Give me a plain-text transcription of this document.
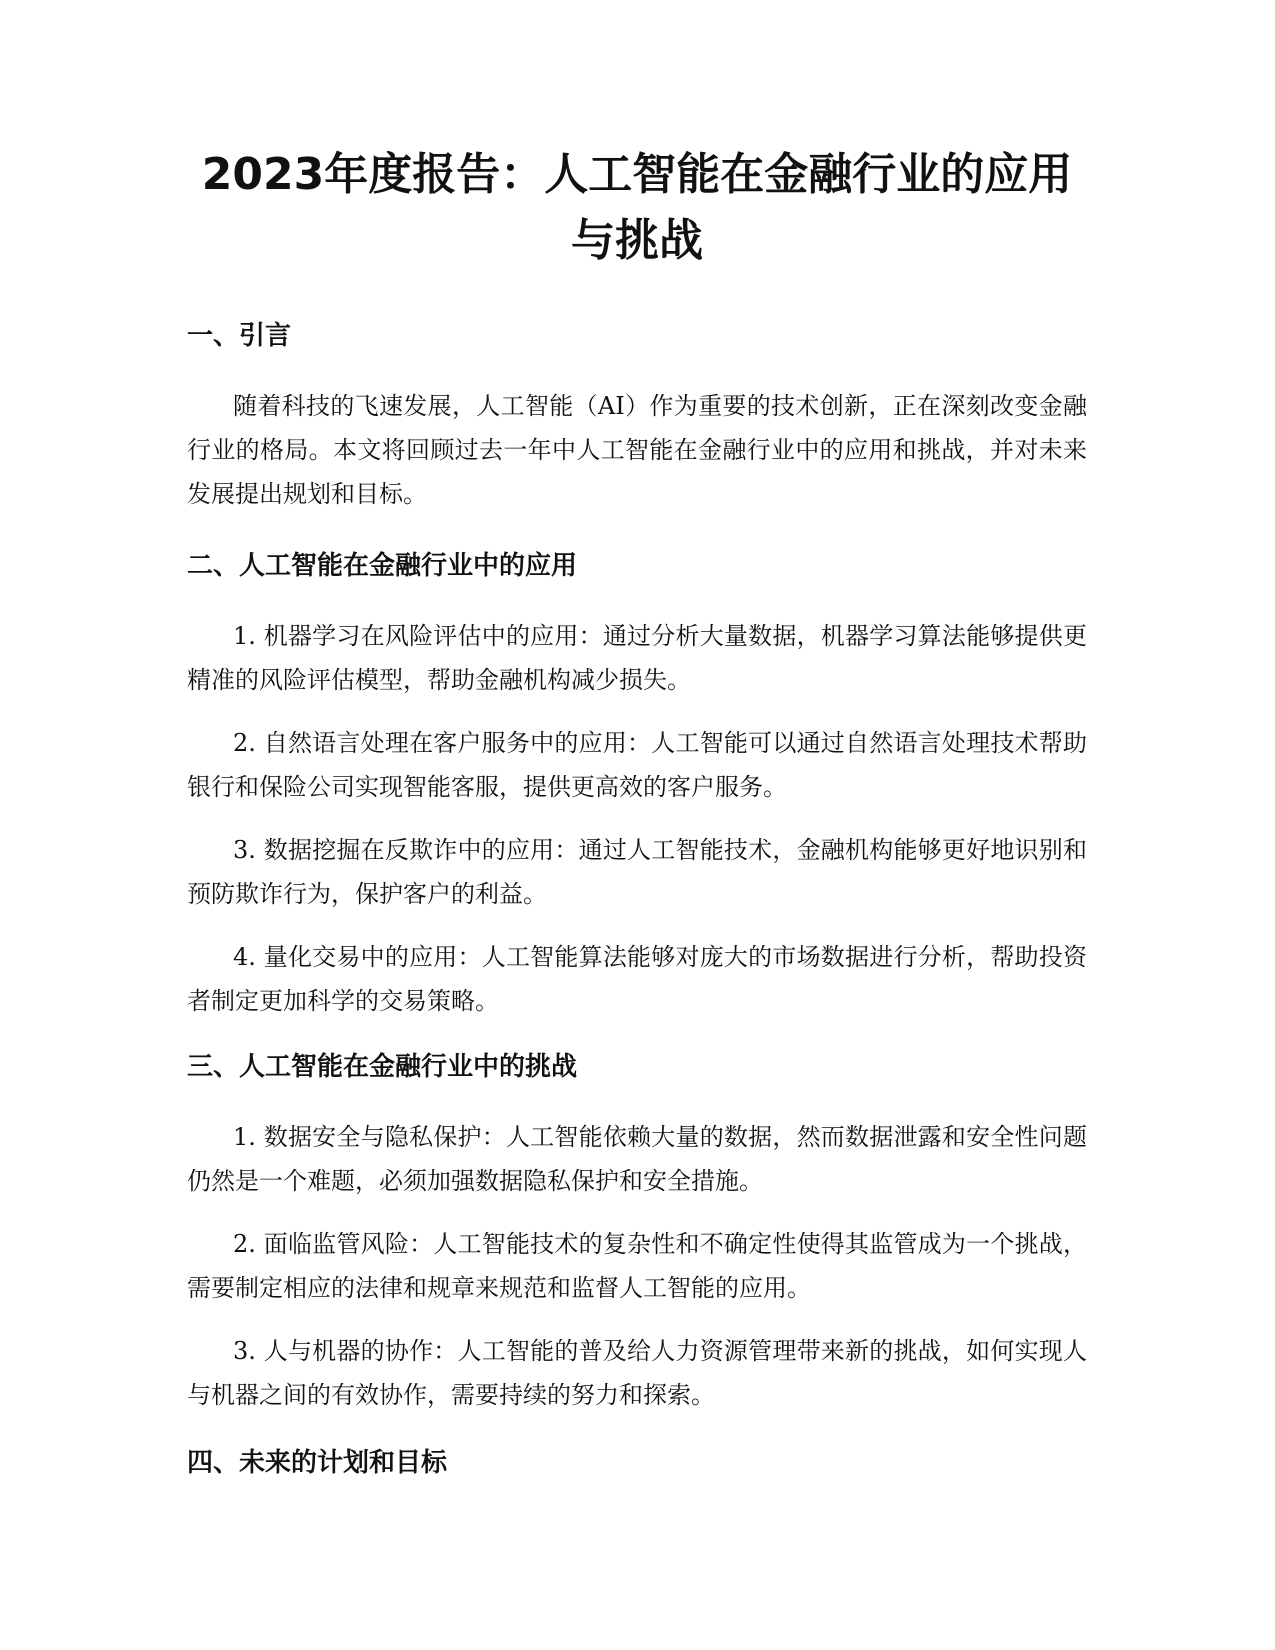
2023年度报告：人工智能在金融行业的应用与挑战
一、引言

随着科技的飞速发展，人工智能（AI）作为重要的技术创新，正在深刻改变金融行业的格局。本文将回顾过去一年中人工智能在金融行业中的应用和挑战，并对未来发展提出规划和目标。

二、人工智能在金融行业中的应用

1. 机器学习在风险评估中的应用：通过分析大量数据，机器学习算法能够提供更精准的风险评估模型，帮助金融机构减少损失。

2. 自然语言处理在客户服务中的应用：人工智能可以通过自然语言处理技术帮助银行和保险公司实现智能客服，提供更高效的客户服务。

3. 数据挖掘在反欺诈中的应用：通过人工智能技术，金融机构能够更好地识别和预防欺诈行为，保护客户的利益。

4. 量化交易中的应用：人工智能算法能够对庞大的市场数据进行分析，帮助投资者制定更加科学的交易策略。

三、人工智能在金融行业中的挑战

1. 数据安全与隐私保护：人工智能依赖大量的数据，然而数据泄露和安全性问题仍然是一个难题，必须加强数据隐私保护和安全措施。

2. 面临监管风险：人工智能技术的复杂性和不确定性使得其监管成为一个挑战，需要制定相应的法律和规章来规范和监督人工智能的应用。

3. 人与机器的协作：人工智能的普及给人力资源管理带来新的挑战，如何实现人与机器之间的有效协作，需要持续的努力和探索。

四、未来的计划和目标
